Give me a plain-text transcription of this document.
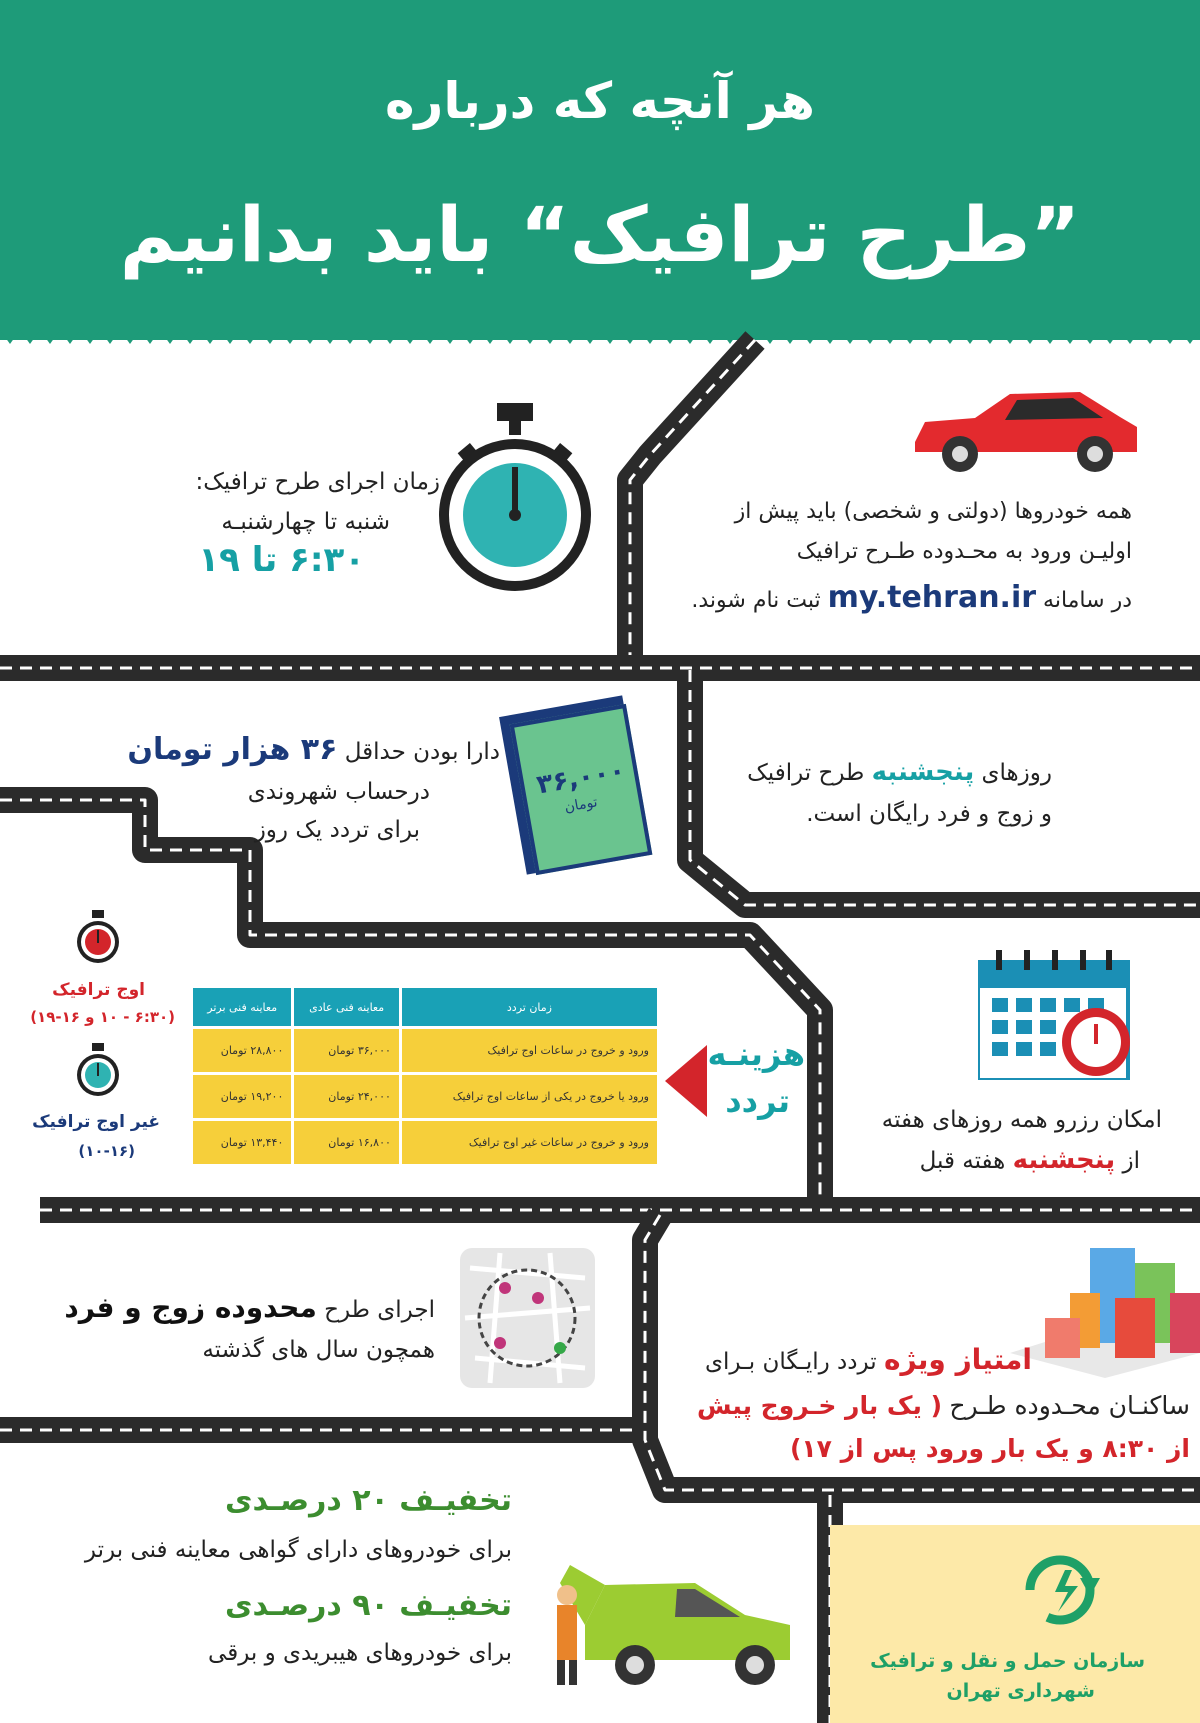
هر آنچه که درباره
”طرح ترافیک“ باید بدانیم
همه خودروها (دولتی و شخصی) باید پیش از
اولیـن ورود به محـدوده طـرح ترافیک
در سامانه my.tehran.ir ثبت نام شوند.
زمان اجرای طرح ترافیک:
شنبه تا چهارشنبـه
۶:۳۰ تا ۱۹
دارا بودن حداقل ۳۶ هزار تومان
درحساب شهروندی
برای تردد یک روز
۳۶,۰۰۰
تومان
روزهای پنجشنبه طرح ترافیک
و زوج و فرد رایگان است.
اوج ترافیک
(۶:۳۰ - ۱۰ و ۱۶-۱۹)
غیر اوج ترافیک
(۱۰-۱۶)
زمان تردد	معاینه فنی عادی	معاینه فنی برتر
ورود و خروج در ساعات اوج ترافیک	۳۶,۰۰۰ تومان	۲۸,۸۰۰ تومان
ورود یا خروج در یکی از ساعات اوج ترافیک	۲۴,۰۰۰ تومان	۱۹,۲۰۰ تومان
ورود و خروج در ساعات غیر اوج ترافیک	۱۶,۸۰۰ تومان	۱۳,۴۴۰ تومان
هزینـه
تردد	امکان رزرو همه روزهای هفته
از پنجشنبه هفته قبل
اجرای طرح محدوده زوج و فرد
همچون سال های گذشته	امتیاز ویژه تردد رایـگان بـرای
ساکنـان محـدوده طـرح ( یک بار خـروج پیش
از ۸:۳۰ و یک بار ورود پس از ۱۷)
تخفیـف ۲۰ درصـدی
برای خودروهای دارای گواهی معاینه فنی برتر
تخفیـف ۹۰ درصـدی
برای خودروهای هیبریدی و برقی	سازمان حمل و نقل و ترافیک
شهرداری تهران
